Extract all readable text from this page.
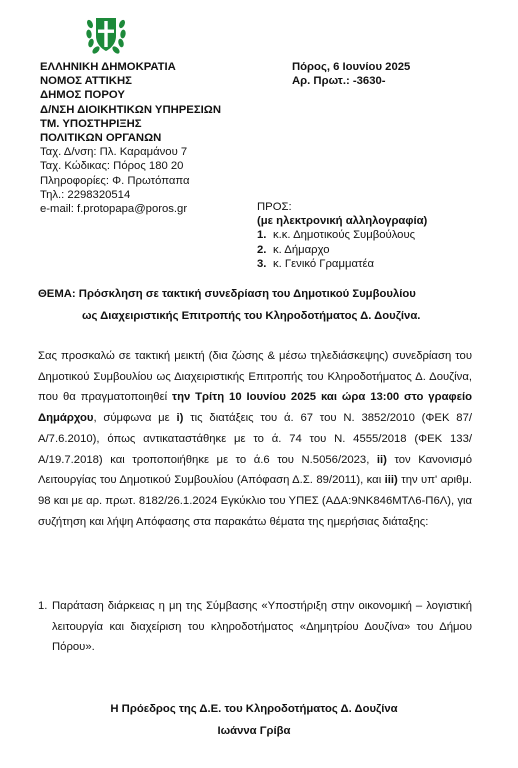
ΕΛΛΗΝΙΚΗ ΔΗΜΟΚΡΑΤΙΑ
ΝΟΜΟΣ ΑΤΤΙΚΗΣ
ΔΗΜΟΣ ΠΟΡΟΥ
Δ/ΝΣΗ ΔΙΟΙΚΗΤΙΚΩΝ ΥΠΗΡΕΣΙΩΝ
ΤΜ. ΥΠΟΣΤΗΡΙΞΗΣ
ΠΟΛΙΤΙΚΩΝ ΟΡΓΑΝΩΝ
Ταχ. Δ/νση: Πλ. Καραμάνου 7
Ταχ. Κώδικας: Πόρος 180 20
Πληροφορίες: Φ. Πρωτόπαπα
Τηλ.: 2298320514
e-mail: f.protopapa@poros.gr
Πόρος, 6 Ιουνίου 2025
Αρ. Πρωτ.: -3630-
ΠΡΟΣ:
(με ηλεκτρονική αλληλογραφία)
1. κ.κ. Δημοτικούς Συμβούλους
2. κ. Δήμαρχο
3. κ. Γενικό Γραμματέα
ΘΕΜΑ: Πρόσκληση σε τακτική συνεδρίαση του Δημοτικού Συμβουλίου
ως Διαχειριστικής Επιτροπής του Κληροδοτήματος Δ. Δουζίνα.

Σας προσκαλώ σε τακτική μεικτή (δια ζώσης & μέσω τηλεδιάσκεψης) συνεδρίαση του Δημοτικού Συμβουλίου ως Διαχειριστικής Επιτροπής του Κληροδοτήματος Δ. Δουζίνα, που θα πραγματοποιηθεί την Τρίτη 10 Ιουνίου 2025 και ώρα 13:00 στο γραφείο Δημάρχου, σύμφωνα με i) τις διατάξεις του ά. 67 του Ν. 3852/2010 (ΦΕΚ 87/Α/7.6.2010), όπως αντικαταστάθηκε με το ά. 74 του Ν. 4555/2018 (ΦΕΚ 133/Α/19.7.2018) και τροποποιήθηκε με το ά.6 του Ν.5056/2023, ii) τον Κανονισμό Λειτουργίας του Δημοτικού Συμβουλίου (Απόφαση Δ.Σ. 89/2011), και iii) την υπ' αριθμ. 98 και με αρ. πρωτ. 8182/26.1.2024 Εγκύκλιο του ΥΠΕΣ (ΑΔΑ:9ΝΚ846ΜΤΛ6-Π6Λ), για συζήτηση και λήψη Απόφασης στα παρακάτω θέματα της ημερήσιας διάταξης:

1. Παράταση διάρκειας η μη της Σύμβασης «Υποστήριξη στην οικονομική – λογιστική λειτουργία και διαχείριση του κληροδοτήματος «Δημητρίου Δουζίνα» του Δήμου Πόρου».

Η Πρόεδρος της Δ.Ε. του Κληροδοτήματος Δ. Δουζίνα
Ιωάννα Γρίβα
